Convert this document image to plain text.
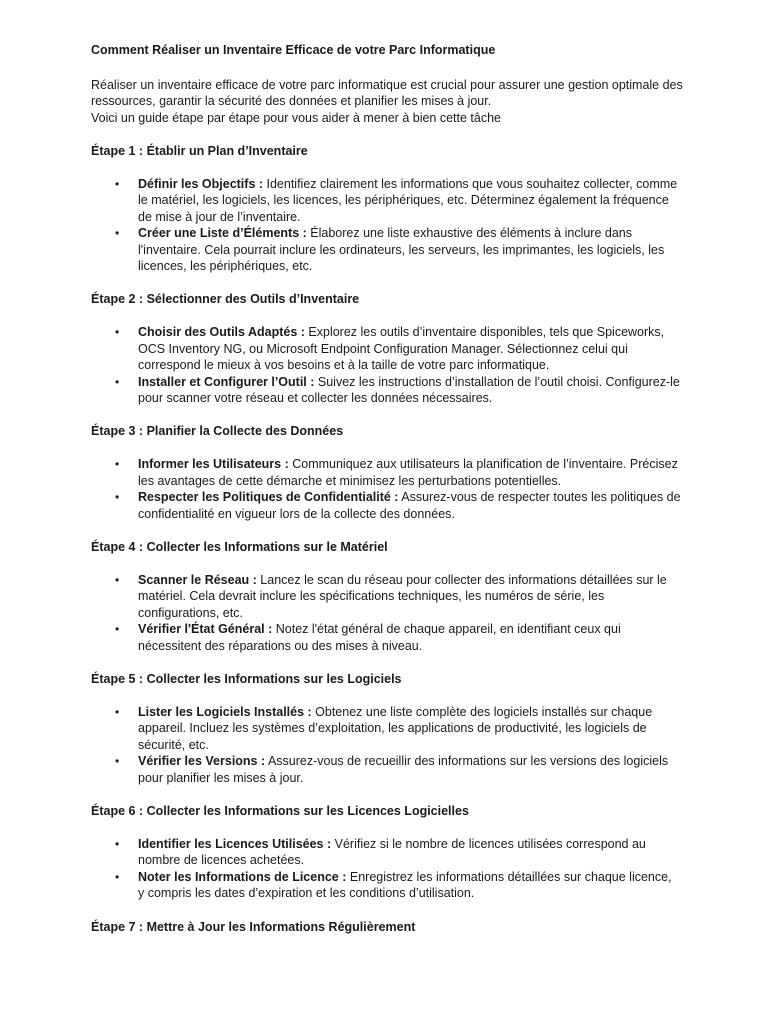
Comment Réaliser un Inventaire Efficace de votre Parc Informatique
Réaliser un inventaire efficace de votre parc informatique est crucial pour assurer une gestion optimale des ressources, garantir la sécurité des données et planifier les mises à jour.
Voici un guide étape par étape pour vous aider à mener à bien cette tâche
Étape 1 : Établir un Plan d’Inventaire
• Définir les Objectifs : Identifiez clairement les informations que vous souhaitez collecter, comme le matériel, les logiciels, les licences, les périphériques, etc. Déterminez également la fréquence de mise à jour de l’inventaire.
• Créer une Liste d’Éléments : Élaborez une liste exhaustive des éléments à inclure dans l'inventaire. Cela pourrait inclure les ordinateurs, les serveurs, les imprimantes, les logiciels, les licences, les périphériques, etc.
Étape 2 : Sélectionner des Outils d’Inventaire
• Choisir des Outils Adaptés : Explorez les outils d’inventaire disponibles, tels que Spiceworks, OCS Inventory NG, ou Microsoft Endpoint Configuration Manager. Sélectionnez celui qui correspond le mieux à vos besoins et à la taille de votre parc informatique.
• Installer et Configurer l’Outil : Suivez les instructions d’installation de l’outil choisi. Configurez-le pour scanner votre réseau et collecter les données nécessaires.
Étape 3 : Planifier la Collecte des Données
• Informer les Utilisateurs : Communiquez aux utilisateurs la planification de l’inventaire. Précisez les avantages de cette démarche et minimisez les perturbations potentielles.
• Respecter les Politiques de Confidentialité : Assurez-vous de respecter toutes les politiques de confidentialité en vigueur lors de la collecte des données.
Étape 4 : Collecter les Informations sur le Matériel
• Scanner le Réseau : Lancez le scan du réseau pour collecter des informations détaillées sur le matériel. Cela devrait inclure les spécifications techniques, les numéros de série, les configurations, etc.
• Vérifier l'État Général : Notez l'état général de chaque appareil, en identifiant ceux qui nécessitent des réparations ou des mises à niveau.
Étape 5 : Collecter les Informations sur les Logiciels
• Lister les Logiciels Installés : Obtenez une liste complète des logiciels installés sur chaque appareil. Incluez les systèmes d’exploitation, les applications de productivité, les logiciels de sécurité, etc.
• Vérifier les Versions : Assurez-vous de recueillir des informations sur les versions des logiciels pour planifier les mises à jour.
Étape 6 : Collecter les Informations sur les Licences Logicielles
• Identifier les Licences Utilisées : Vérifiez si le nombre de licences utilisées correspond au nombre de licences achetées.
• Noter les Informations de Licence : Enregistrez les informations détaillées sur chaque licence, y compris les dates d’expiration et les conditions d’utilisation.
Étape 7 : Mettre à Jour les Informations Régulièrement
